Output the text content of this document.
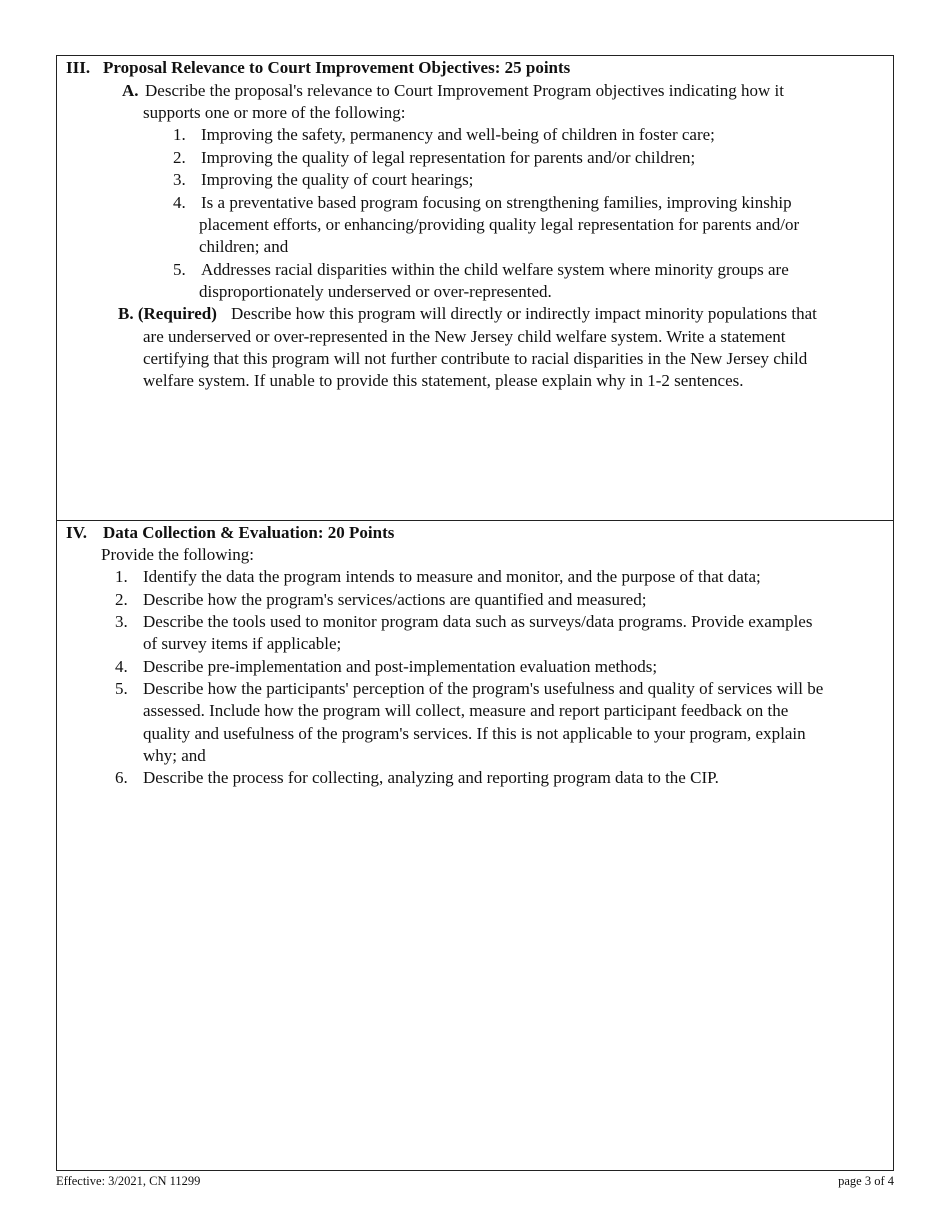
III. Proposal Relevance to Court Improvement Objectives: 25 points
A. Describe the proposal's relevance to Court Improvement Program objectives indicating how it
supports one or more of the following:
1. Improving the safety, permanency and well-being of children in foster care;
2. Improving the quality of legal representation for parents and/or children;
3. Improving the quality of court hearings;
4. Is a preventative based program focusing on strengthening families, improving kinship
placement efforts, or enhancing/providing quality legal representation for parents and/or
children; and
5. Addresses racial disparities within the child welfare system where minority groups are
disproportionately underserved or over-represented.
B. (Required) Describe how this program will directly or indirectly impact minority populations that
are underserved or over-represented in the New Jersey child welfare system. Write a statement
certifying that this program will not further contribute to racial disparities in the New Jersey child
welfare system. If unable to provide this statement, please explain why in 1-2 sentences.
IV. Data Collection & Evaluation: 20 Points
Provide the following:
1. Identify the data the program intends to measure and monitor, and the purpose of that data;
2. Describe how the program's services/actions are quantified and measured;
3. Describe the tools used to monitor program data such as surveys/data programs. Provide examples
of survey items if applicable;
4. Describe pre-implementation and post-implementation evaluation methods;
5. Describe how the participants' perception of the program's usefulness and quality of services will be
assessed. Include how the program will collect, measure and report participant feedback on the
quality and usefulness of the program's services. If this is not applicable to your program, explain
why; and
6. Describe the process for collecting, analyzing and reporting program data to the CIP.
Effective: 3/2021, CN 11299	page 3 of 4
